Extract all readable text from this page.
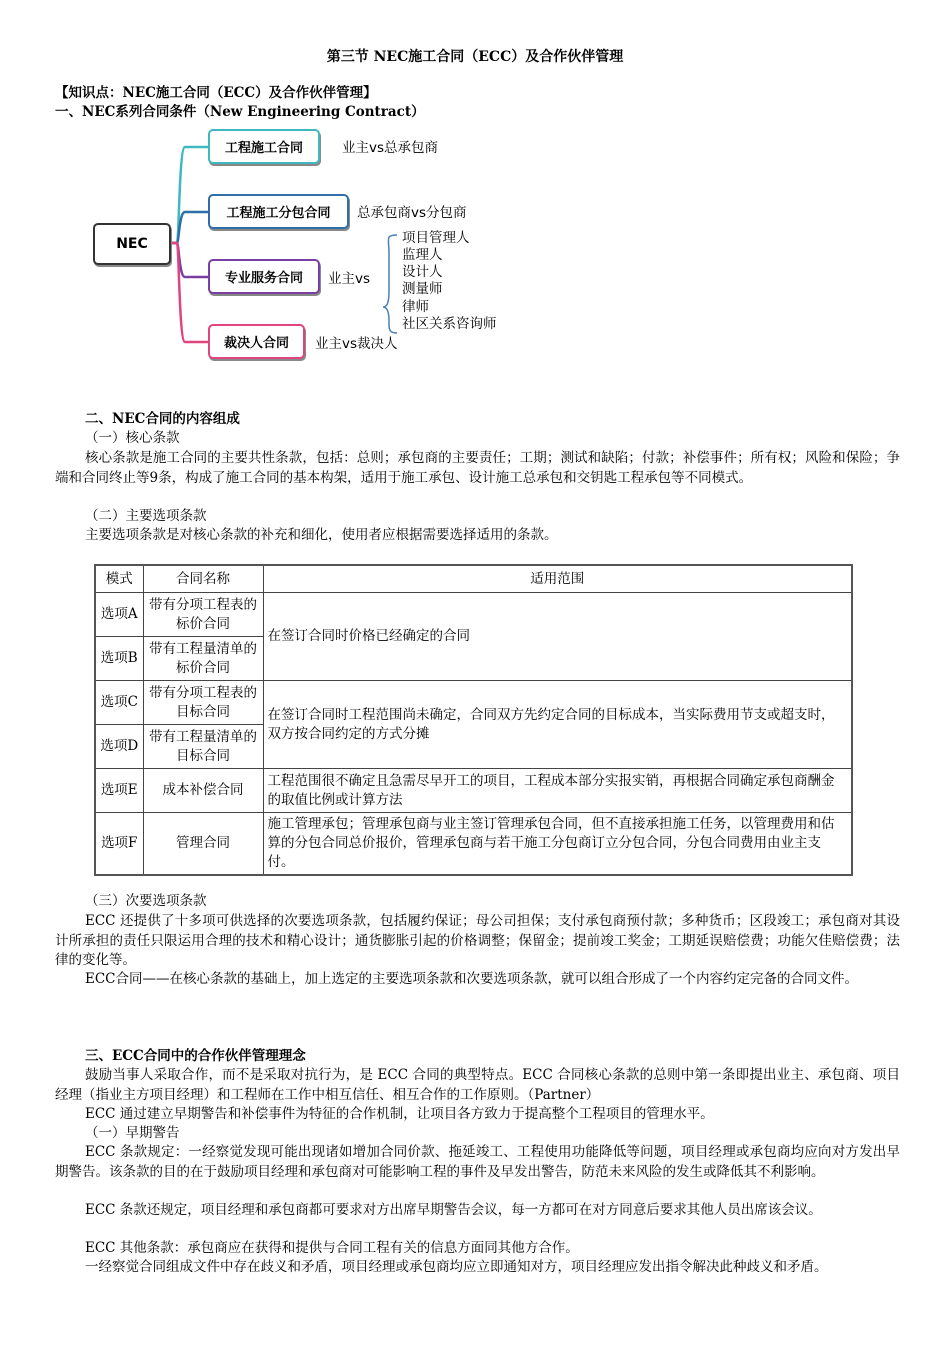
第三节 NEC施工合同（ECC）及合作伙伴管理
【知识点：NEC施工合同（ECC）及合作伙伴管理】
一、NEC系列合同条件（New Engineering Contract）
NEC
工程施工合同
工程施工分包合同
专业服务合同
裁决人合同
业主vs总承包商
总承包商vs分包商
业主vs
业主vs裁决人
项目管理人
监理人
设计人
测量师
律师
社区关系咨询师
二、NEC合同的内容组成
（一）核心条款
核心条款是施工合同的主要共性条款，包括：总则；承包商的主要责任；工期；测试和缺陷；付款；补偿事件；所有权；风险和保险；争端和合同终止等9条，构成了施工合同的基本构架，适用于施工承包、设计施工总承包和交钥匙工程承包等不同模式。
（二）主要选项条款
主要选项条款是对核心条款的补充和细化，使用者应根据需要选择适用的条款。
模式	合同名称	适用范围
选项A	带有分项工程表的标价合同	在签订合同时价格已经确定的合同
选项B	带有工程量清单的标价合同	
选项C	带有分项工程表的目标合同	在签订合同时工程范围尚未确定，合同双方先约定合同的目标成本，当实际费用节支或超支时，双方按合同约定的方式分摊
选项D	带有工程量清单的目标合同	
选项E	成本补偿合同	工程范围很不确定且急需尽早开工的项目，工程成本部分实报实销，再根据合同确定承包商酬金的取值比例或计算方法
选项F	管理合同	施工管理承包；管理承包商与业主签订管理承包合同，但不直接承担施工任务，以管理费用和估算的分包合同总价报价，管理承包商与若干施工分包商订立分包合同，分包合同费用由业主支付。
（三）次要选项条款
ECC 还提供了十多项可供选择的次要选项条款，包括履约保证；母公司担保；支付承包商预付款；多种货币；区段竣工；承包商对其设计所承担的责任只限运用合理的技术和精心设计；通货膨胀引起的价格调整；保留金；提前竣工奖金；工期延误赔偿费；功能欠佳赔偿费；法律的变化等。
ECC合同——在核心条款的基础上，加上选定的主要选项条款和次要选项条款，就可以组合形成了一个内容约定完备的合同文件。
三、ECC合同中的合作伙伴管理理念
鼓励当事人采取合作，而不是采取对抗行为，是 ECC 合同的典型特点。ECC 合同核心条款的总则中第一条即提出业主、承包商、项目经理（指业主方项目经理）和工程师在工作中相互信任、相互合作的工作原则。（Partner）
ECC 通过建立早期警告和补偿事件为特征的合作机制，让项目各方致力于提高整个工程项目的管理水平。
（一）早期警告
ECC 条款规定：一经察觉发现可能出现诸如增加合同价款、拖延竣工、工程使用功能降低等问题，项目经理或承包商均应向对方发出早期警告。该条款的目的在于鼓励项目经理和承包商对可能影响工程的事件及早发出警告，防范未来风险的发生或降低其不利影响。
ECC 条款还规定，项目经理和承包商都可要求对方出席早期警告会议，每一方都可在对方同意后要求其他人员出席该会议。
ECC 其他条款：承包商应在获得和提供与合同工程有关的信息方面同其他方合作。
一经察觉合同组成文件中存在歧义和矛盾，项目经理或承包商均应立即通知对方，项目经理应发出指令解决此种歧义和矛盾。
